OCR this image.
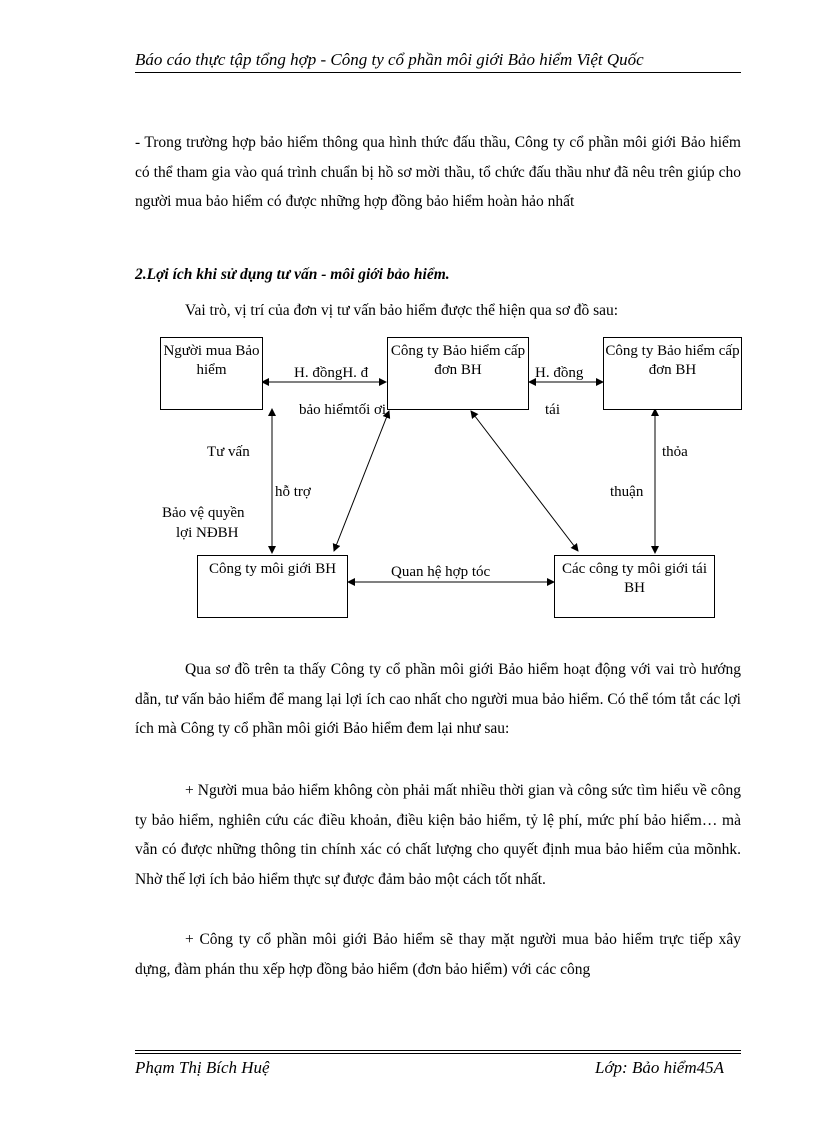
Báo cáo thực tập tổng hợp - Công ty cổ phần môi giới Bảo hiểm Việt Quốc

- Trong trường hợp bảo hiểm thông qua hình thức đấu thầu, Công ty cổ phần môi giới Bảo hiểm có thể tham gia vào quá trình chuẩn bị hồ sơ mời thầu, tổ chức đấu thầu như đã nêu trên giúp cho người mua bảo hiểm có được những hợp đồng bảo hiểm hoàn hảo nhất

2.Lợi ích khi sử dụng tư vấn - môi giới bảo hiểm.

Vai trò, vị trí của đơn vị tư vấn bảo hiểm được thể hiện qua sơ đồ sau:

Người mua Bảo hiểm
Công ty Bảo hiểm cấp đơn BH
Công ty Bảo hiểm cấp đơn BH
Công ty môi giới BH	Các công ty môi giới tái BH
H. đồngH. đ
bảo hiểmtối ơi
H. đồng
tái
Tư vấn
hỗ trợ
Bảo vệ quyền
lợi NĐBH
thỏa
thuận
Quan hệ hợp tóc

Qua sơ đồ trên ta thấy Công ty cổ phần môi giới Bảo hiểm hoạt động với vai trò hướng dẫn, tư vấn bảo hiểm để mang lại lợi ích cao nhất cho người mua bảo hiểm. Có thể tóm tắt các lợi ích mà Công ty cổ phần môi giới Bảo hiểm đem lại như sau:

+ Người mua bảo hiểm không còn phải mất nhiều thời gian và công sức tìm hiểu về công ty bảo hiểm, nghiên cứu các điều khoản, điều kiện bảo hiểm, tỷ lệ phí, mức phí bảo hiểm… mà vẫn có được những thông tin chính xác có chất lượng cho quyết định mua bảo hiểm của mõnhk. Nhờ thế lợi ích bảo hiểm thực sự được đảm bảo một cách tốt nhất.

+ Công ty cổ phần môi giới Bảo hiểm sẽ thay mặt người mua bảo hiểm trực tiếp xây dựng, đàm phán thu xếp hợp đồng bảo hiểm (đơn bảo hiểm) với các công

Phạm Thị Bích Huệ	Lớp: Bảo hiểm45A
